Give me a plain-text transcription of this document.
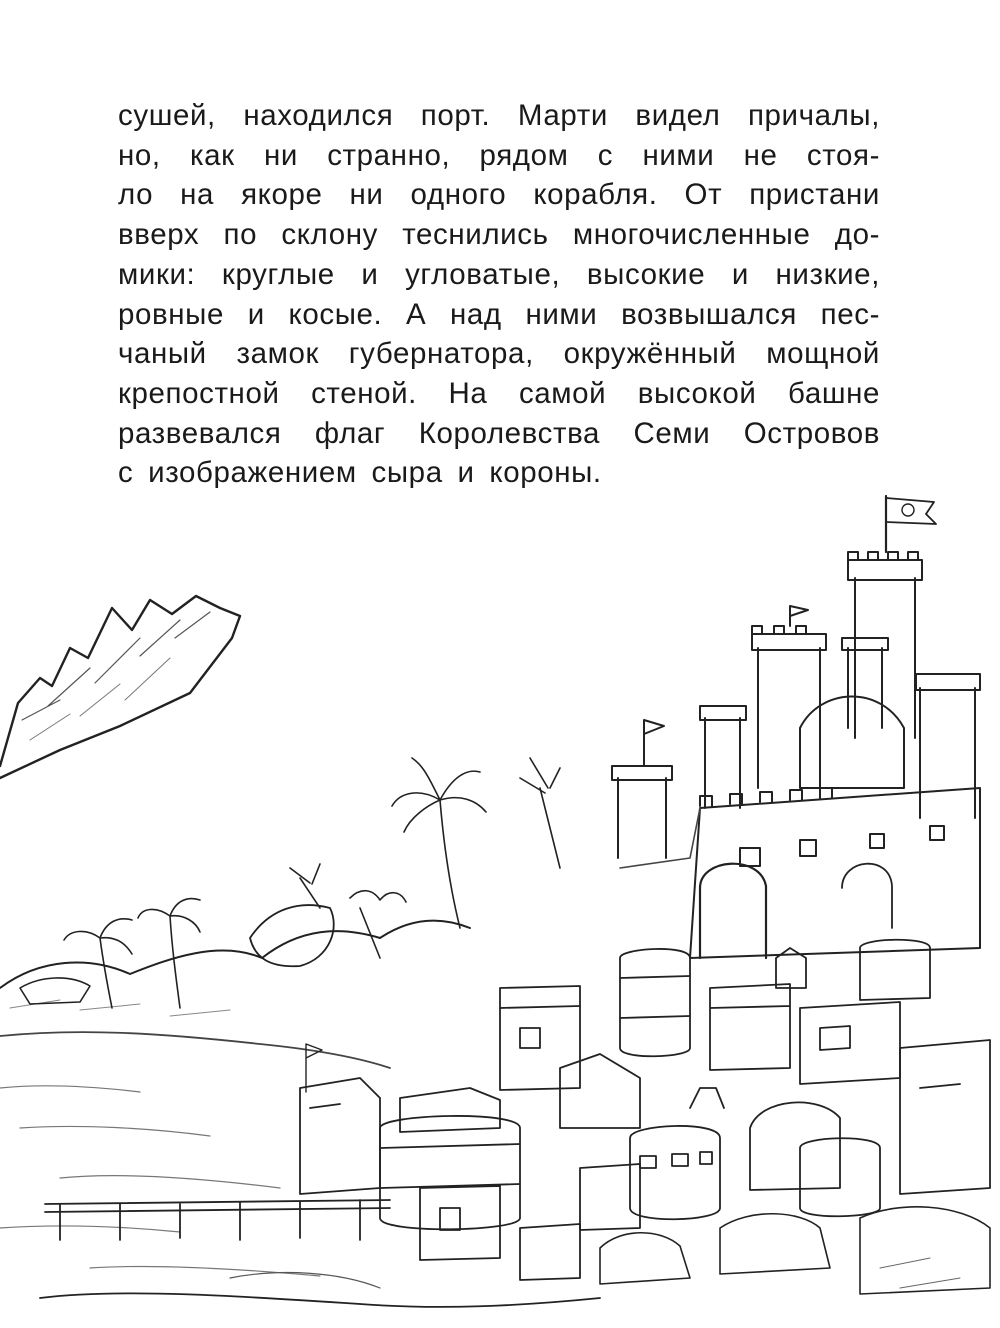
сушей, находился порт. Марти видел причалы,
но, как ни странно, рядом с ними не стоя-
ло на якоре ни одного корабля. От пристани
вверх по склону теснились многочисленные до-
мики: круглые и угловатые, высокие и низкие,
ровные и косые. А над ними возвышался пес-
чаный замок губернатора, окружённый мощной
крепостной стеной. На самой высокой башне
развевался флаг Королевства Семи Островов
с изображением сыра и короны.
